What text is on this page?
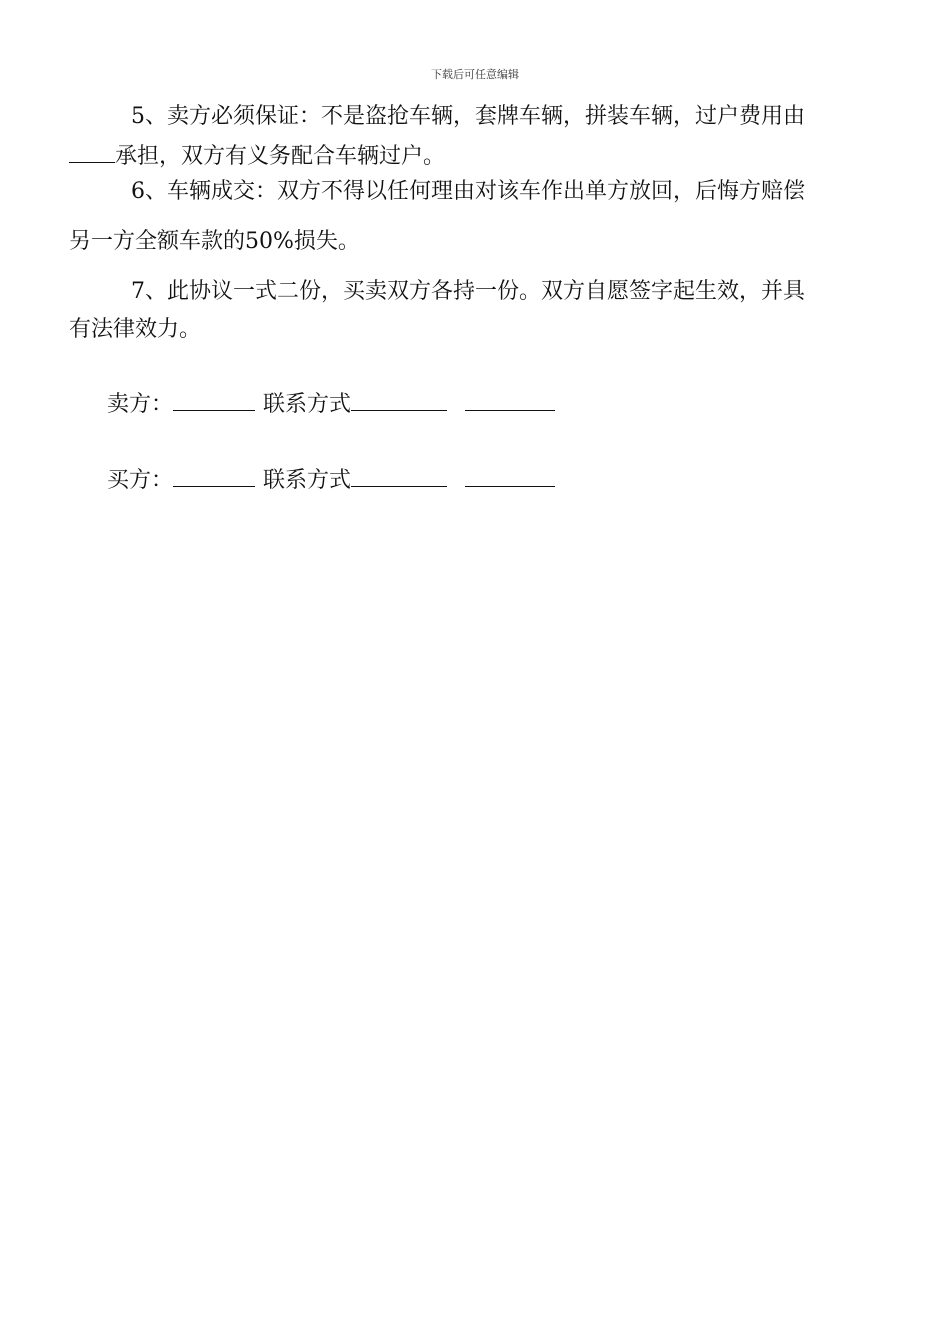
下载后可任意编辑
5、卖方必须保证：不是盗抢车辆，套牌车辆，拼装车辆，过户费用由
承担，双方有义务配合车辆过户。
6、车辆成交：双方不得以任何理由对该车作出单方放回，后悔方赔偿
另一方全额车款的50%损失。
7、此协议一式二份，买卖双方各持一份。双方自愿签字起生效，并具
有法律效力。
卖方：	联系方式
买方：	联系方式
